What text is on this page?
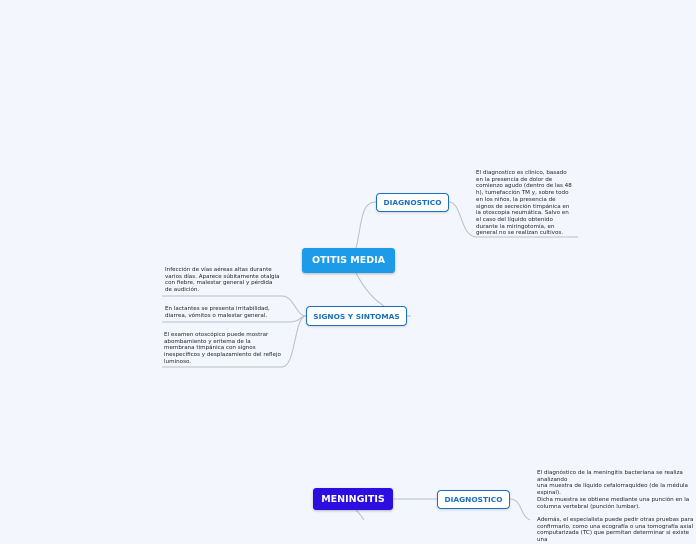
OTITIS MEDIA
DIAGNOSTICO
El diagnostico es clínico, basado
en la presencia de dolor de
comienzo agudo (dentro de las 48
h), tumefacción TM y, sobre todo
en los niños, la presencia de
signos de secreción timpánica en
la otoscopia neumática. Salvo en
el caso del líquido obtenido
durante la miringotomía, en
general no se realizan cultivos.
SIGNOS Y SINTOMAS
Infección de vías aéreas altas durante
varios días. Aparece súbitamente otalgia
con fiebre, malestar general y pérdida
de audición.
En lactantes se presenta irritabilidad,
diarrea, vómitos o malestar general.
El examen otoscópico puede mostrar
abombamiento y eritema de la
membrana timpánica con signos
inespecíficos y desplazamiento del reflejo
luminoso.
MENINGITIS	DIAGNOSTICO
El diagnóstico de la meningitis bacteriana se realiza analizando
una muestra de líquido cefalorraquídeo (de la médula espinal).
Dicha muestra se obtiene mediante una punción en la
columna vertebral (punción lumbar).

Además, el especialista puede pedir otras pruebas para
confirmarlo, como una ecografía o una tomografía axial
computarizada (TC) que permitan determinar si existe una
